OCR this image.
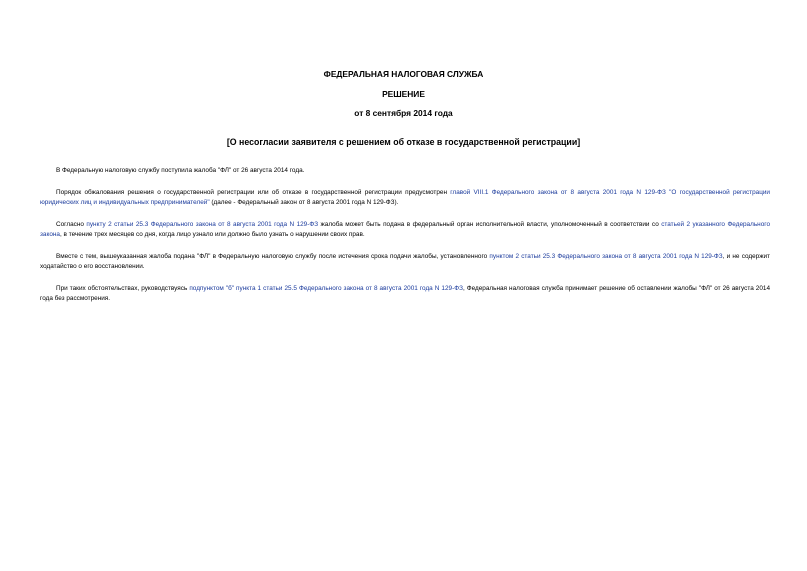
ФЕДЕРАЛЬНАЯ НАЛОГОВАЯ СЛУЖБА
РЕШЕНИЕ
от 8 сентября 2014 года
[О несогласии заявителя с решением об отказе в государственной регистрации]

В Федеральную налоговую службу поступила жалоба "ФЛ" от 26 августа 2014 года.

Порядок обжалования решения о государственной регистрации или об отказе в государственной регистрации предусмотрен главой VIII.1 Федерального закона от 8 августа 2001 года N 129-ФЗ "О государственной регистрации юридических лиц и индивидуальных предпринимателей" (далее - Федеральный закон от 8 августа 2001 года N 129-ФЗ).

Согласно пункту 2 статьи 25.3 Федерального закона от 8 августа 2001 года N 129-ФЗ жалоба может быть подана в федеральный орган исполнительной власти, уполномоченный в соответствии со статьей 2 указанного Федерального закона, в течение трех месяцев со дня, когда лицо узнало или должно было узнать о нарушении своих прав.

Вместе с тем, вышеуказанная жалоба подана "ФЛ" в Федеральную налоговую службу после истечения срока подачи жалобы, установленного пунктом 2 статьи 25.3 Федерального закона от 8 августа 2001 года N 129-ФЗ, и не содержит ходатайство о его восстановлении.

При таких обстоятельствах, руководствуясь подпунктом "б" пункта 1 статьи 25.5 Федерального закона от 8 августа 2001 года N 129-ФЗ, Федеральная налоговая служба принимает решение об оставлении жалобы "ФЛ" от 26 августа 2014 года без рассмотрения.
